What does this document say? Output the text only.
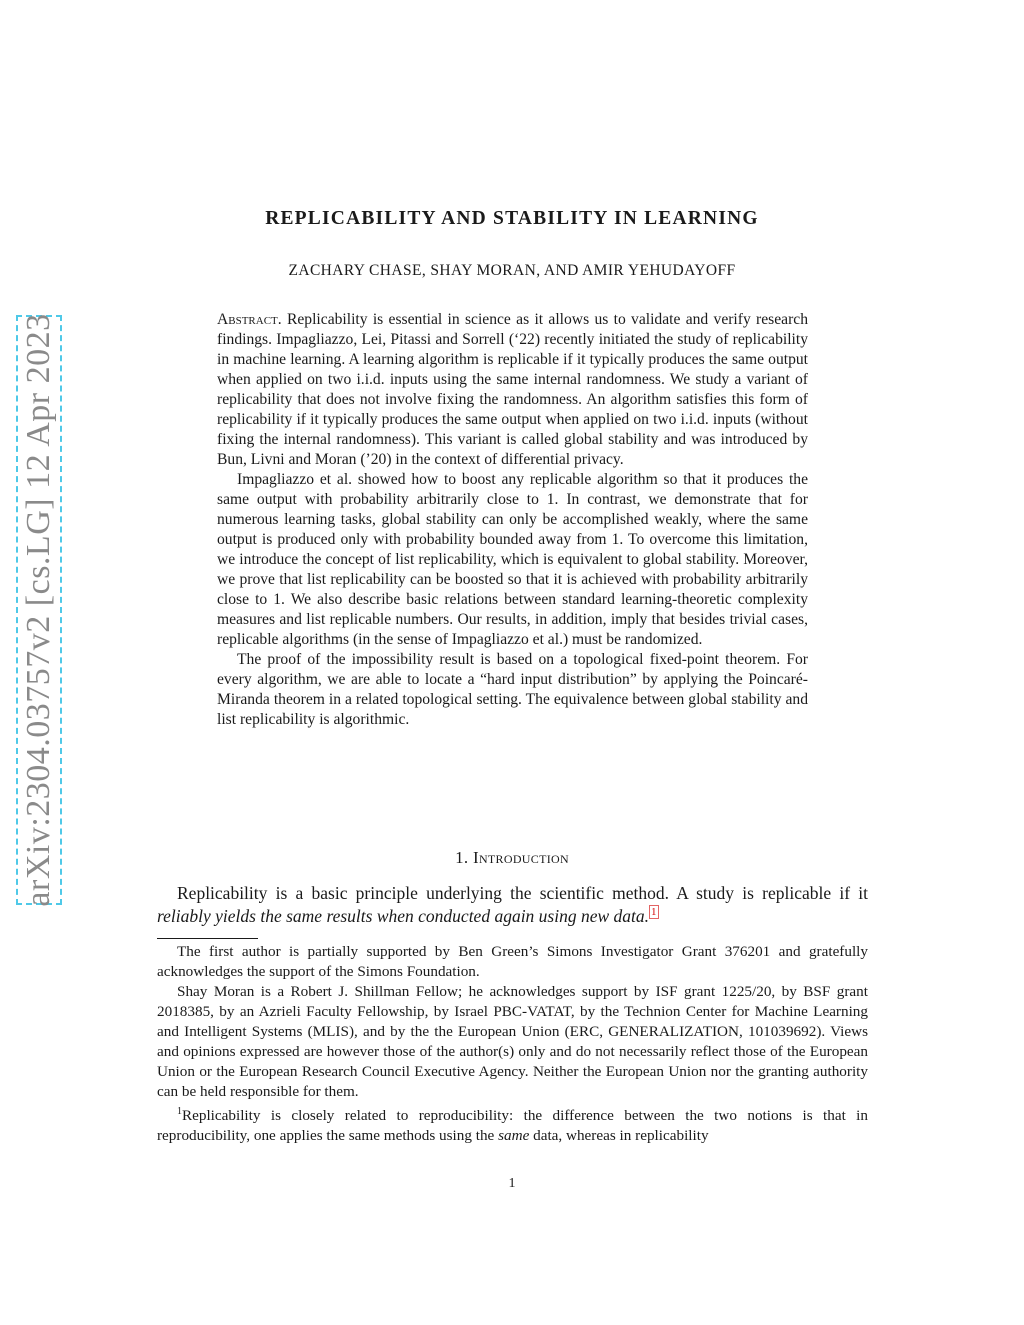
arXiv:2304.03757v2 [cs.LG] 12 Apr 2023
REPLICABILITY AND STABILITY IN LEARNING
ZACHARY CHASE, SHAY MORAN, AND AMIR YEHUDAYOFF

Abstract. Replicability is essential in science as it allows us to validate and verify research findings. Impagliazzo, Lei, Pitassi and Sorrell (‘22) recently initiated the study of replicability in machine learning. A learning algorithm is replicable if it typically produces the same output when applied on two i.i.d. inputs using the same internal randomness. We study a variant of replicability that does not involve fixing the randomness. An algorithm satisfies this form of replicability if it typically produces the same output when applied on two i.i.d. inputs (without fixing the internal randomness). This variant is called global stability and was introduced by Bun, Livni and Moran (’20) in the context of differential privacy.

Impagliazzo et al. showed how to boost any replicable algorithm so that it produces the same output with probability arbitrarily close to 1. In contrast, we demonstrate that for numerous learning tasks, global stability can only be accomplished weakly, where the same output is produced only with probability bounded away from 1. To overcome this limitation, we introduce the concept of list replicability, which is equivalent to global stability. Moreover, we prove that list replicability can be boosted so that it is achieved with probability arbitrarily close to 1. We also describe basic relations between standard learning-theoretic complexity measures and list replicable numbers. Our results, in addition, imply that besides trivial cases, replicable algorithms (in the sense of Impagliazzo et al.) must be randomized.

The proof of the impossibility result is based on a topological fixed-point theorem. For every algorithm, we are able to locate a “hard input distribution” by applying the Poincaré-Miranda theorem in a related topological setting. The equivalence between global stability and list replicability is algorithmic.

1. Introduction

Replicability is a basic principle underlying the scientific method. A study is replicable if it reliably yields the same results when conducted again using new data. $^1$

The first author is partially supported by Ben Green’s Simons Investigator Grant 376201 and gratefully acknowledges the support of the Simons Foundation.

Shay Moran is a Robert J. Shillman Fellow; he acknowledges support by ISF grant 1225/20, by BSF grant 2018385, by an Azrieli Faculty Fellowship, by Israel PBC-VATAT, by the Technion Center for Machine Learning and Intelligent Systems (MLIS), and by the the European Union (ERC, GENERALIZATION, 101039692). Views and opinions expressed are however those of the author(s) only and do not necessarily reflect those of the European Union or the European Research Council Executive Agency. Neither the European Union nor the granting authority can be held responsible for them.

$^1$Replicability is closely related to reproducibility: the difference between the two notions is that in reproducibility, one applies the same methods using the same data, whereas in replicability

1
